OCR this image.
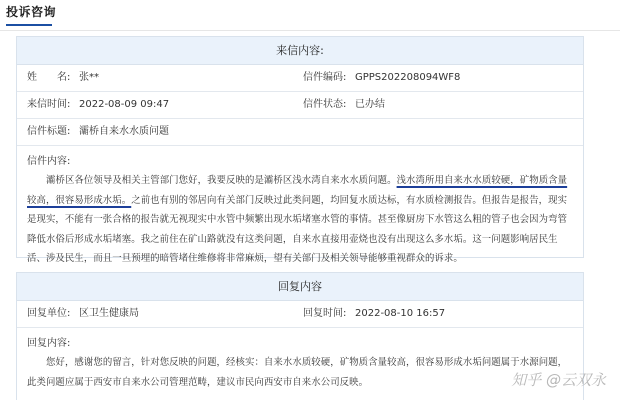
投诉咨询
来信内容:
姓　　名: 张**	信件编码: GPPS202208094WF8
来信时间: 2022-08-09 09:47	信件状态: 已办结
信件标题: 灞桥自来水水质问题
信件内容:
灞桥区各位领导及相关主管部门您好，我要反映的是灞桥区浅水湾自来水水质问题。浅水湾所用自来水水质较硬，矿物质含量较高，很容易形成水垢。之前也有别的邻居向有关部门反映过此类问题，均回复水质达标，有水质检测报告。但报告是报告，现实是现实，不能有一张合格的报告就无视现实中水管中频繁出现水垢堵塞水管的事情。甚至像厨房下水管这么粗的管子也会因为弯管降低水俗后形成水垢堵塞。我之前住在矿山路就没有这类问题，自来水直接用壶烧也没有出现这么多水垢。这一问题影响居民生活、涉及民生，而且一旦预埋的暗管堵住维修将非常麻烦，望有关部门及相关领导能够重视群众的诉求。
回复内容
回复单位: 区卫生健康局	回复时间: 2022-08-10 16:57
回复内容:
您好，感谢您的留言，针对您反映的问题，经核实：自来水水质较硬，矿物质含量较高，很容易形成水垢问题属于水源问题，此类问题应属于西安市自来水公司管理范畴，建议市民向西安市自来水公司反映。	知乎 @云双永
